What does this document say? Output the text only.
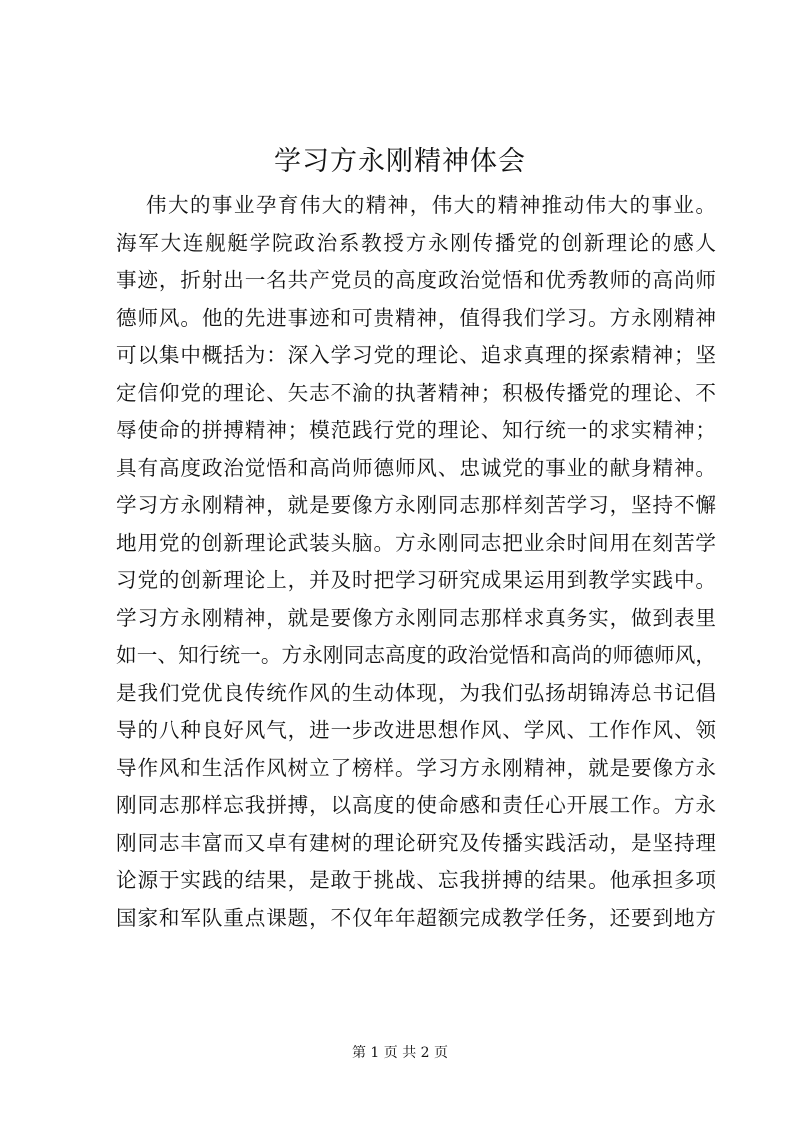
学习方永刚精神体会
伟大的事业孕育伟大的精神，伟大的精神推动伟大的事业。
海军大连舰艇学院政治系教授方永刚传播党的创新理论的感人
事迹，折射出一名共产党员的高度政治觉悟和优秀教师的高尚师
德师风。他的先进事迹和可贵精神，值得我们学习。方永刚精神
可以集中概括为：深入学习党的理论、追求真理的探索精神；坚
定信仰党的理论、矢志不渝的执著精神；积极传播党的理论、不
辱使命的拼搏精神；模范践行党的理论、知行统一的求实精神；
具有高度政治觉悟和高尚师德师风、忠诚党的事业的献身精神。
学习方永刚精神，就是要像方永刚同志那样刻苦学习，坚持不懈
地用党的创新理论武装头脑。方永刚同志把业余时间用在刻苦学
习党的创新理论上，并及时把学习研究成果运用到教学实践中。
学习方永刚精神，就是要像方永刚同志那样求真务实，做到表里
如一、知行统一。方永刚同志高度的政治觉悟和高尚的师德师风，
是我们党优良传统作风的生动体现，为我们弘扬胡锦涛总书记倡
导的八种良好风气，进一步改进思想作风、学风、工作作风、领
导作风和生活作风树立了榜样。学习方永刚精神，就是要像方永
刚同志那样忘我拼搏，以高度的使命感和责任心开展工作。方永
刚同志丰富而又卓有建树的理论研究及传播实践活动，是坚持理
论源于实践的结果，是敢于挑战、忘我拼搏的结果。他承担多项
国家和军队重点课题，不仅年年超额完成教学任务，还要到地方
第 1 页 共 2 页
